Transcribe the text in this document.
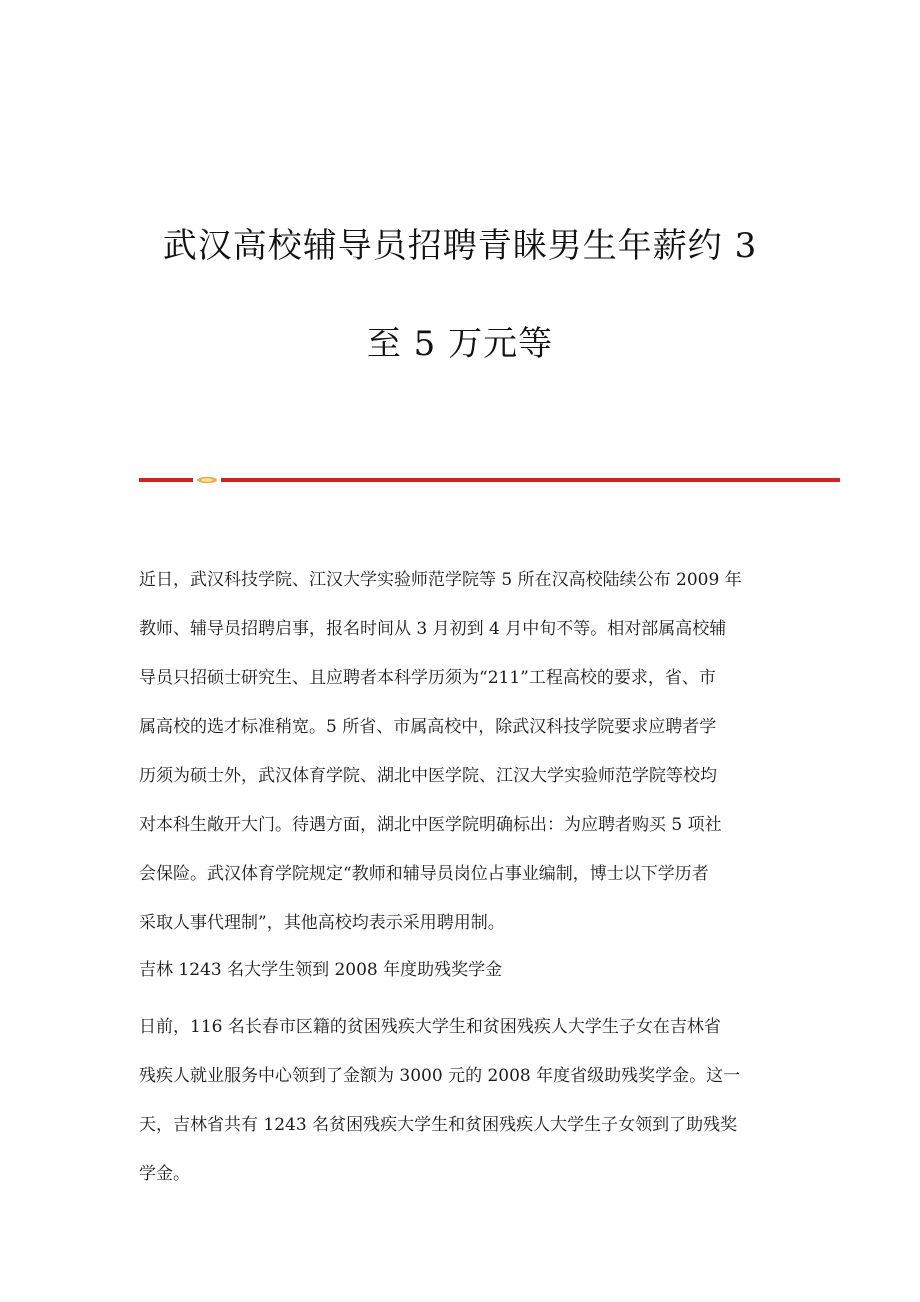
武汉高校辅导员招聘青睐男生年薪约 3
至 5 万元等
近日，武汉科技学院、江汉大学实验师范学院等 5 所在汉高校陆续公布 2009 年
教师、辅导员招聘启事，报名时间从 3 月初到 4 月中旬不等。相对部属高校辅
导员只招硕士研究生、且应聘者本科学历须为“211”工程高校的要求，省、市
属高校的选才标准稍宽。5 所省、市属高校中，除武汉科技学院要求应聘者学
历须为硕士外，武汉体育学院、湖北中医学院、江汉大学实验师范学院等校均
对本科生敞开大门。待遇方面，湖北中医学院明确标出：为应聘者购买 5 项社
会保险。武汉体育学院规定“教师和辅导员岗位占事业编制，博士以下学历者
采取人事代理制”，其他高校均表示采用聘用制。
吉林 1243 名大学生领到 2008 年度助残奖学金
日前，116 名长春市区籍的贫困残疾大学生和贫困残疾人大学生子女在吉林省
残疾人就业服务中心领到了金额为 3000 元的 2008 年度省级助残奖学金。这一
天，吉林省共有 1243 名贫困残疾大学生和贫困残疾人大学生子女领到了助残奖
学金。
